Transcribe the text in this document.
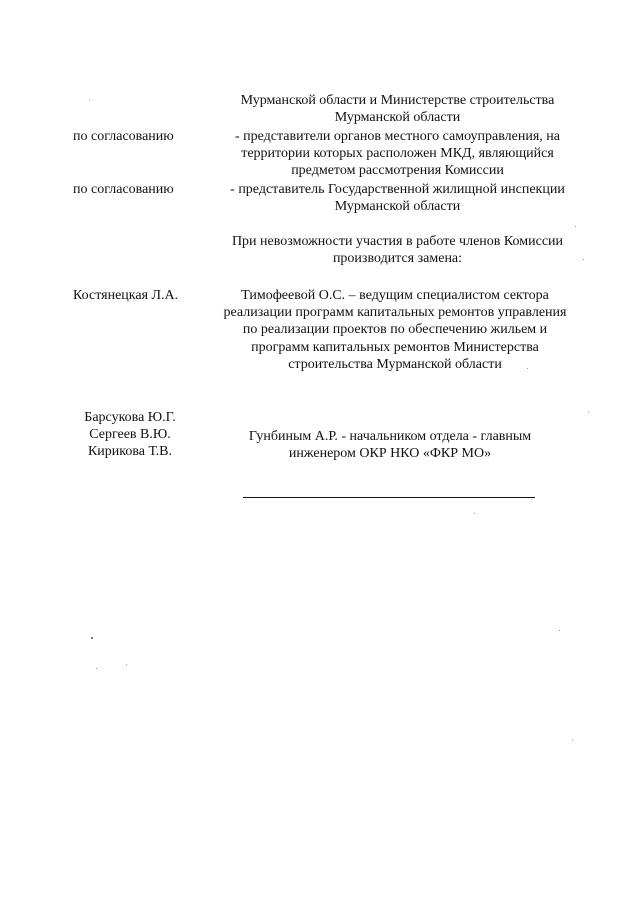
Мурманской области и Министерстве строительства
Мурманской области
по согласованию	- представители органов местного самоуправления, на
территории которых расположен МКД, являющийся
предметом рассмотрения Комиссии
по согласованию	- представитель Государственной жилищной инспекции
Мурманской области
При невозможности участия в работе членов Комиссии
производится замена:
Костянецкая Л.А.	Тимофеевой О.С. – ведущим специалистом сектора
реализации программ капитальных ремонтов управления
по реализации проектов по обеспечению жильем и
программ капитальных ремонтов Министерства
строительства Мурманской области
Барсукова Ю.Г.
Сергеев В.Ю.
Кирикова Т.В.
Гунбиным А.Р. - начальником отдела - главным
инженером ОКР НКО «ФКР МО»
